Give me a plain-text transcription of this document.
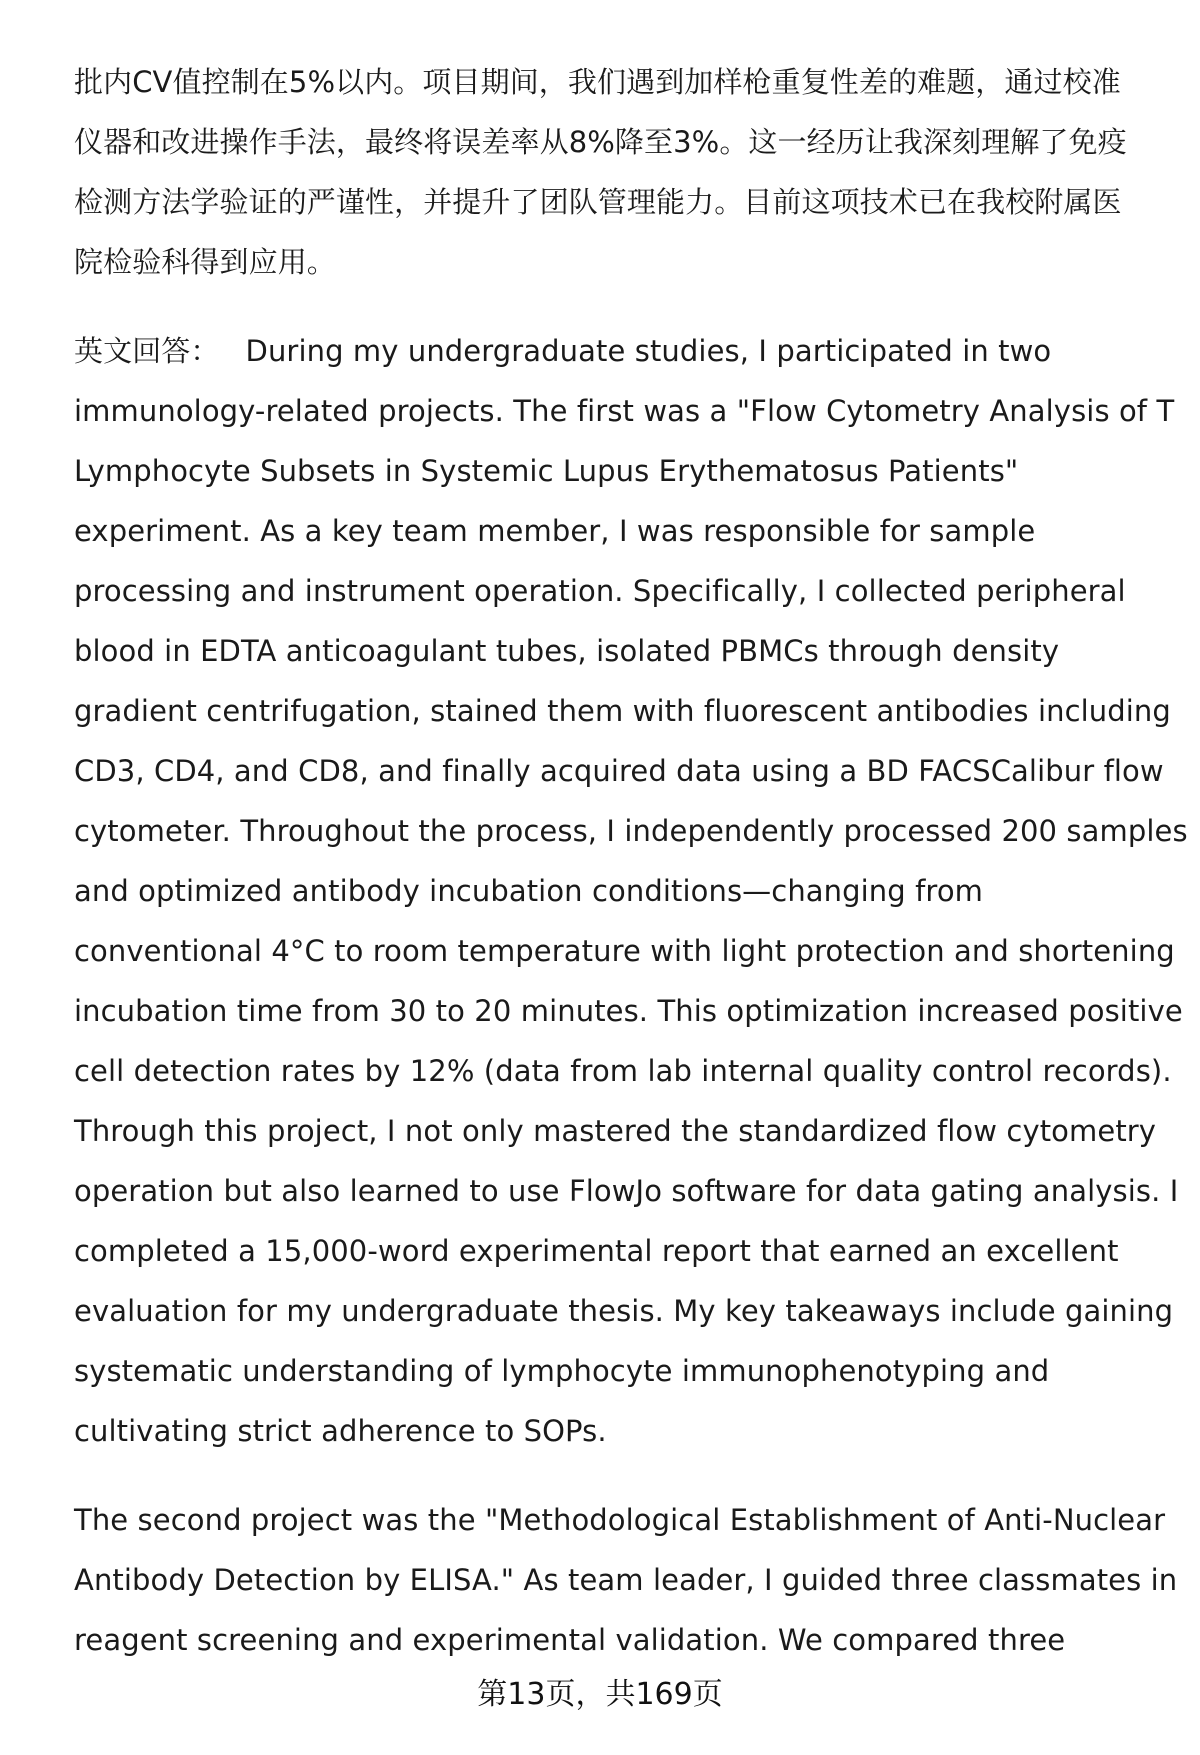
批内CV值控制在5%以内。项目期间，我们遇到加样枪重复性差的难题，通过校准
仪器和改进操作手法，最终将误差率从8%降至3%。这一经历让我深刻理解了免疫
检测方法学验证的严谨性，并提升了团队管理能力。目前这项技术已在我校附属医
院检验科得到应用。
英文回答： During my undergraduate studies, I participated in two
immunology-related projects. The first was a "Flow Cytometry Analysis of T
Lymphocyte Subsets in Systemic Lupus Erythematosus Patients"
experiment. As a key team member, I was responsible for sample
processing and instrument operation. Specifically, I collected peripheral
blood in EDTA anticoagulant tubes, isolated PBMCs through density
gradient centrifugation, stained them with fluorescent antibodies including
CD3, CD4, and CD8, and finally acquired data using a BD FACSCalibur flow
cytometer. Throughout the process, I independently processed 200 samples
and optimized antibody incubation conditions—changing from
conventional 4°C to room temperature with light protection and shortening
incubation time from 30 to 20 minutes. This optimization increased positive
cell detection rates by 12% (data from lab internal quality control records).
Through this project, I not only mastered the standardized flow cytometry
operation but also learned to use FlowJo software for data gating analysis. I
completed a 15,000-word experimental report that earned an excellent
evaluation for my undergraduate thesis. My key takeaways include gaining
systematic understanding of lymphocyte immunophenotyping and
cultivating strict adherence to SOPs.
The second project was the "Methodological Establishment of Anti-Nuclear
Antibody Detection by ELISA." As team leader, I guided three classmates in
reagent screening and experimental validation. We compared three
第13页，共169页
